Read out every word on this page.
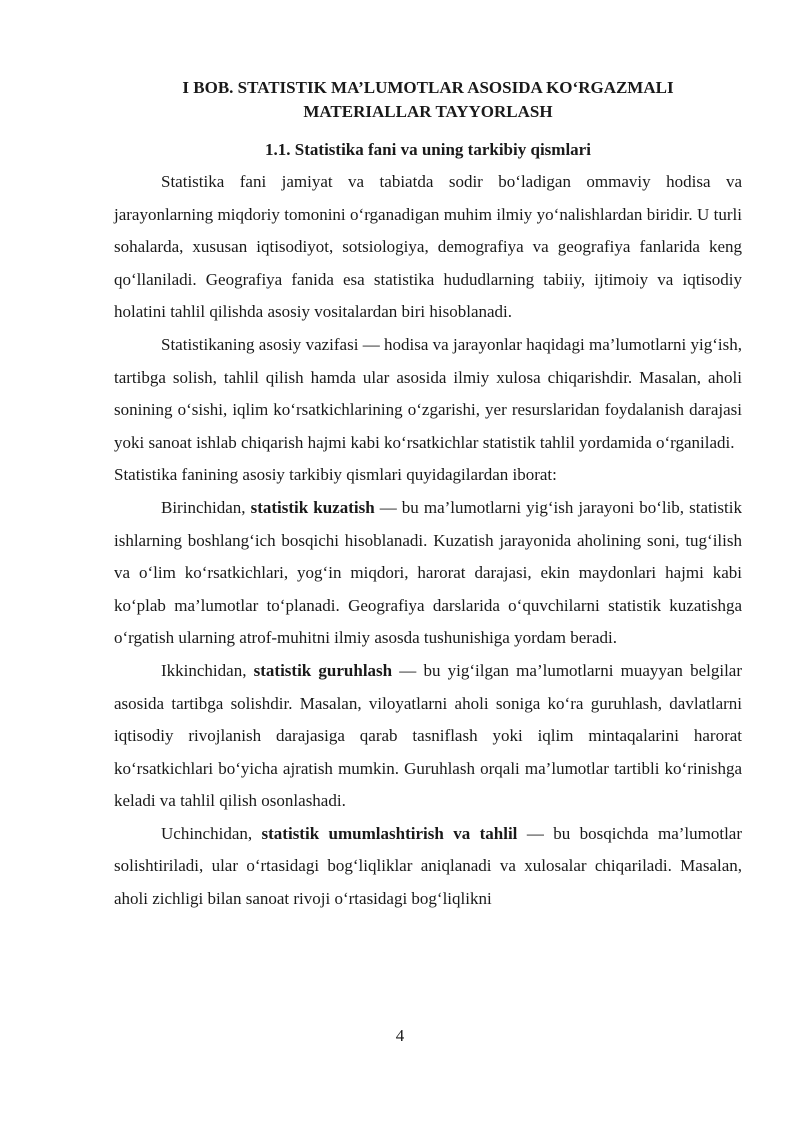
I BOB. STATISTIK MA’LUMOTLAR ASOSIDA KO‘RGAZMALI
MATERIALLAR TAYYORLASH
1.1. Statistika fani va uning tarkibiy qismlari

Statistika fani jamiyat va tabiatda sodir bo‘ladigan ommaviy hodisa va jarayonlarning miqdoriy tomonini o‘rganadigan muhim ilmiy yo‘nalishlardan biridir. U turli sohalarda, xususan iqtisodiyot, sotsiologiya, demografiya va geografiya fanlarida keng qo‘llaniladi. Geografiya fanida esa statistika hududlarning tabiiy, ijtimoiy va iqtisodiy holatini tahlil qilishda asosiy vositalardan biri hisoblanadi.

Statistikaning asosiy vazifasi — hodisa va jarayonlar haqidagi ma’lumotlarni yig‘ish, tartibga solish, tahlil qilish hamda ular asosida ilmiy xulosa chiqarishdir. Masalan, aholi sonining o‘sishi, iqlim ko‘rsatkichlarining o‘zgarishi, yer resurslaridan foydalanish darajasi yoki sanoat ishlab chiqarish hajmi kabi ko‘rsatkichlar statistik tahlil yordamida o‘rganiladi.

Statistika fanining asosiy tarkibiy qismlari quyidagilardan iborat:

Birinchidan, statistik kuzatish — bu ma’lumotlarni yig‘ish jarayoni bo‘lib, statistik ishlarning boshlang‘ich bosqichi hisoblanadi. Kuzatish jarayonida aholining soni, tug‘ilish va o‘lim ko‘rsatkichlari, yog‘in miqdori, harorat darajasi, ekin maydonlari hajmi kabi ko‘plab ma’lumotlar to‘planadi. Geografiya darslarida o‘quvchilarni statistik kuzatishga o‘rgatish ularning atrof-muhitni ilmiy asosda tushunishiga yordam beradi.

Ikkinchidan, statistik guruhlash — bu yig‘ilgan ma’lumotlarni muayyan belgilar asosida tartibga solishdir. Masalan, viloyatlarni aholi soniga ko‘ra guruhlash, davlatlarni iqtisodiy rivojlanish darajasiga qarab tasniflash yoki iqlim mintaqalarini harorat ko‘rsatkichlari bo‘yicha ajratish mumkin. Guruhlash orqali ma’lumotlar tartibli ko‘rinishga keladi va tahlil qilish osonlashadi.

Uchinchidan, statistik umumlashtirish va tahlil — bu bosqichda ma’lumotlar solishtiriladi, ular o‘rtasidagi bog‘liqliklar aniqlanadi va xulosalar chiqariladi. Masalan, aholi zichligi bilan sanoat rivoji o‘rtasidagi bog‘liqlikni

4
